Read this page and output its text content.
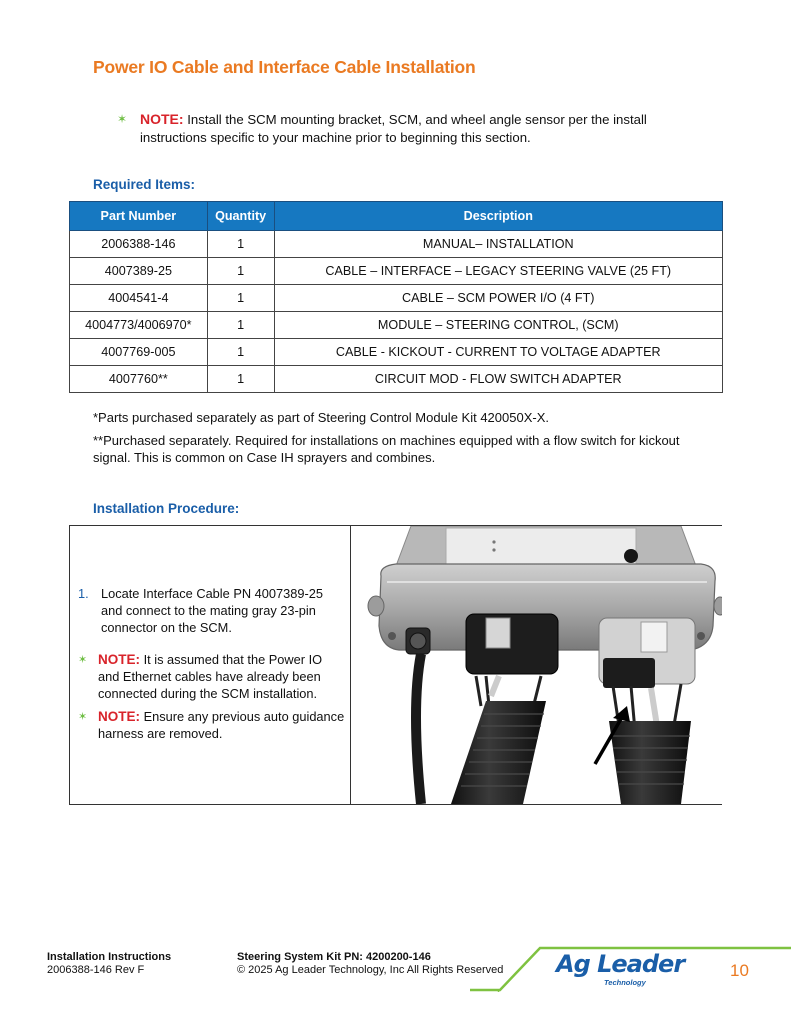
Power IO Cable and Interface Cable Installation
✶ NOTE: Install the SCM mounting bracket, SCM, and wheel angle sensor per the install instructions specific to your machine prior to beginning this section.
Required Items:
Part Number	Quantity	Description
2006388-146	1	MANUAL– INSTALLATION
4007389-25	1	CABLE – INTERFACE – LEGACY STEERING VALVE (25 FT)
4004541-4	1	CABLE – SCM POWER I/O (4 FT)
4004773/4006970*	1	MODULE – STEERING CONTROL, (SCM)
4007769-005	1	CABLE - KICKOUT - CURRENT TO VOLTAGE ADAPTER
4007760**	1	CIRCUIT MOD - FLOW SWITCH ADAPTER
*Parts purchased separately as part of Steering Control Module Kit 420050X-X.
**Purchased separately. Required for installations on machines equipped with a flow switch for kickout signal. This is common on Case IH sprayers and combines.
Installation Procedure:
1. Locate Interface Cable PN 4007389-25 and connect to the mating gray 23-pin connector on the SCM.
✶ NOTE: It is assumed that the Power IO and Ethernet cables have already been connected during the SCM installation.
✶ NOTE: Ensure any previous auto guidance harness are removed.
Installation Instructions
2006388-146 Rev F
Steering System Kit PN: 4200200-146
© 2025 Ag Leader Technology, Inc All Rights Reserved Ag Leader
Technology
10
